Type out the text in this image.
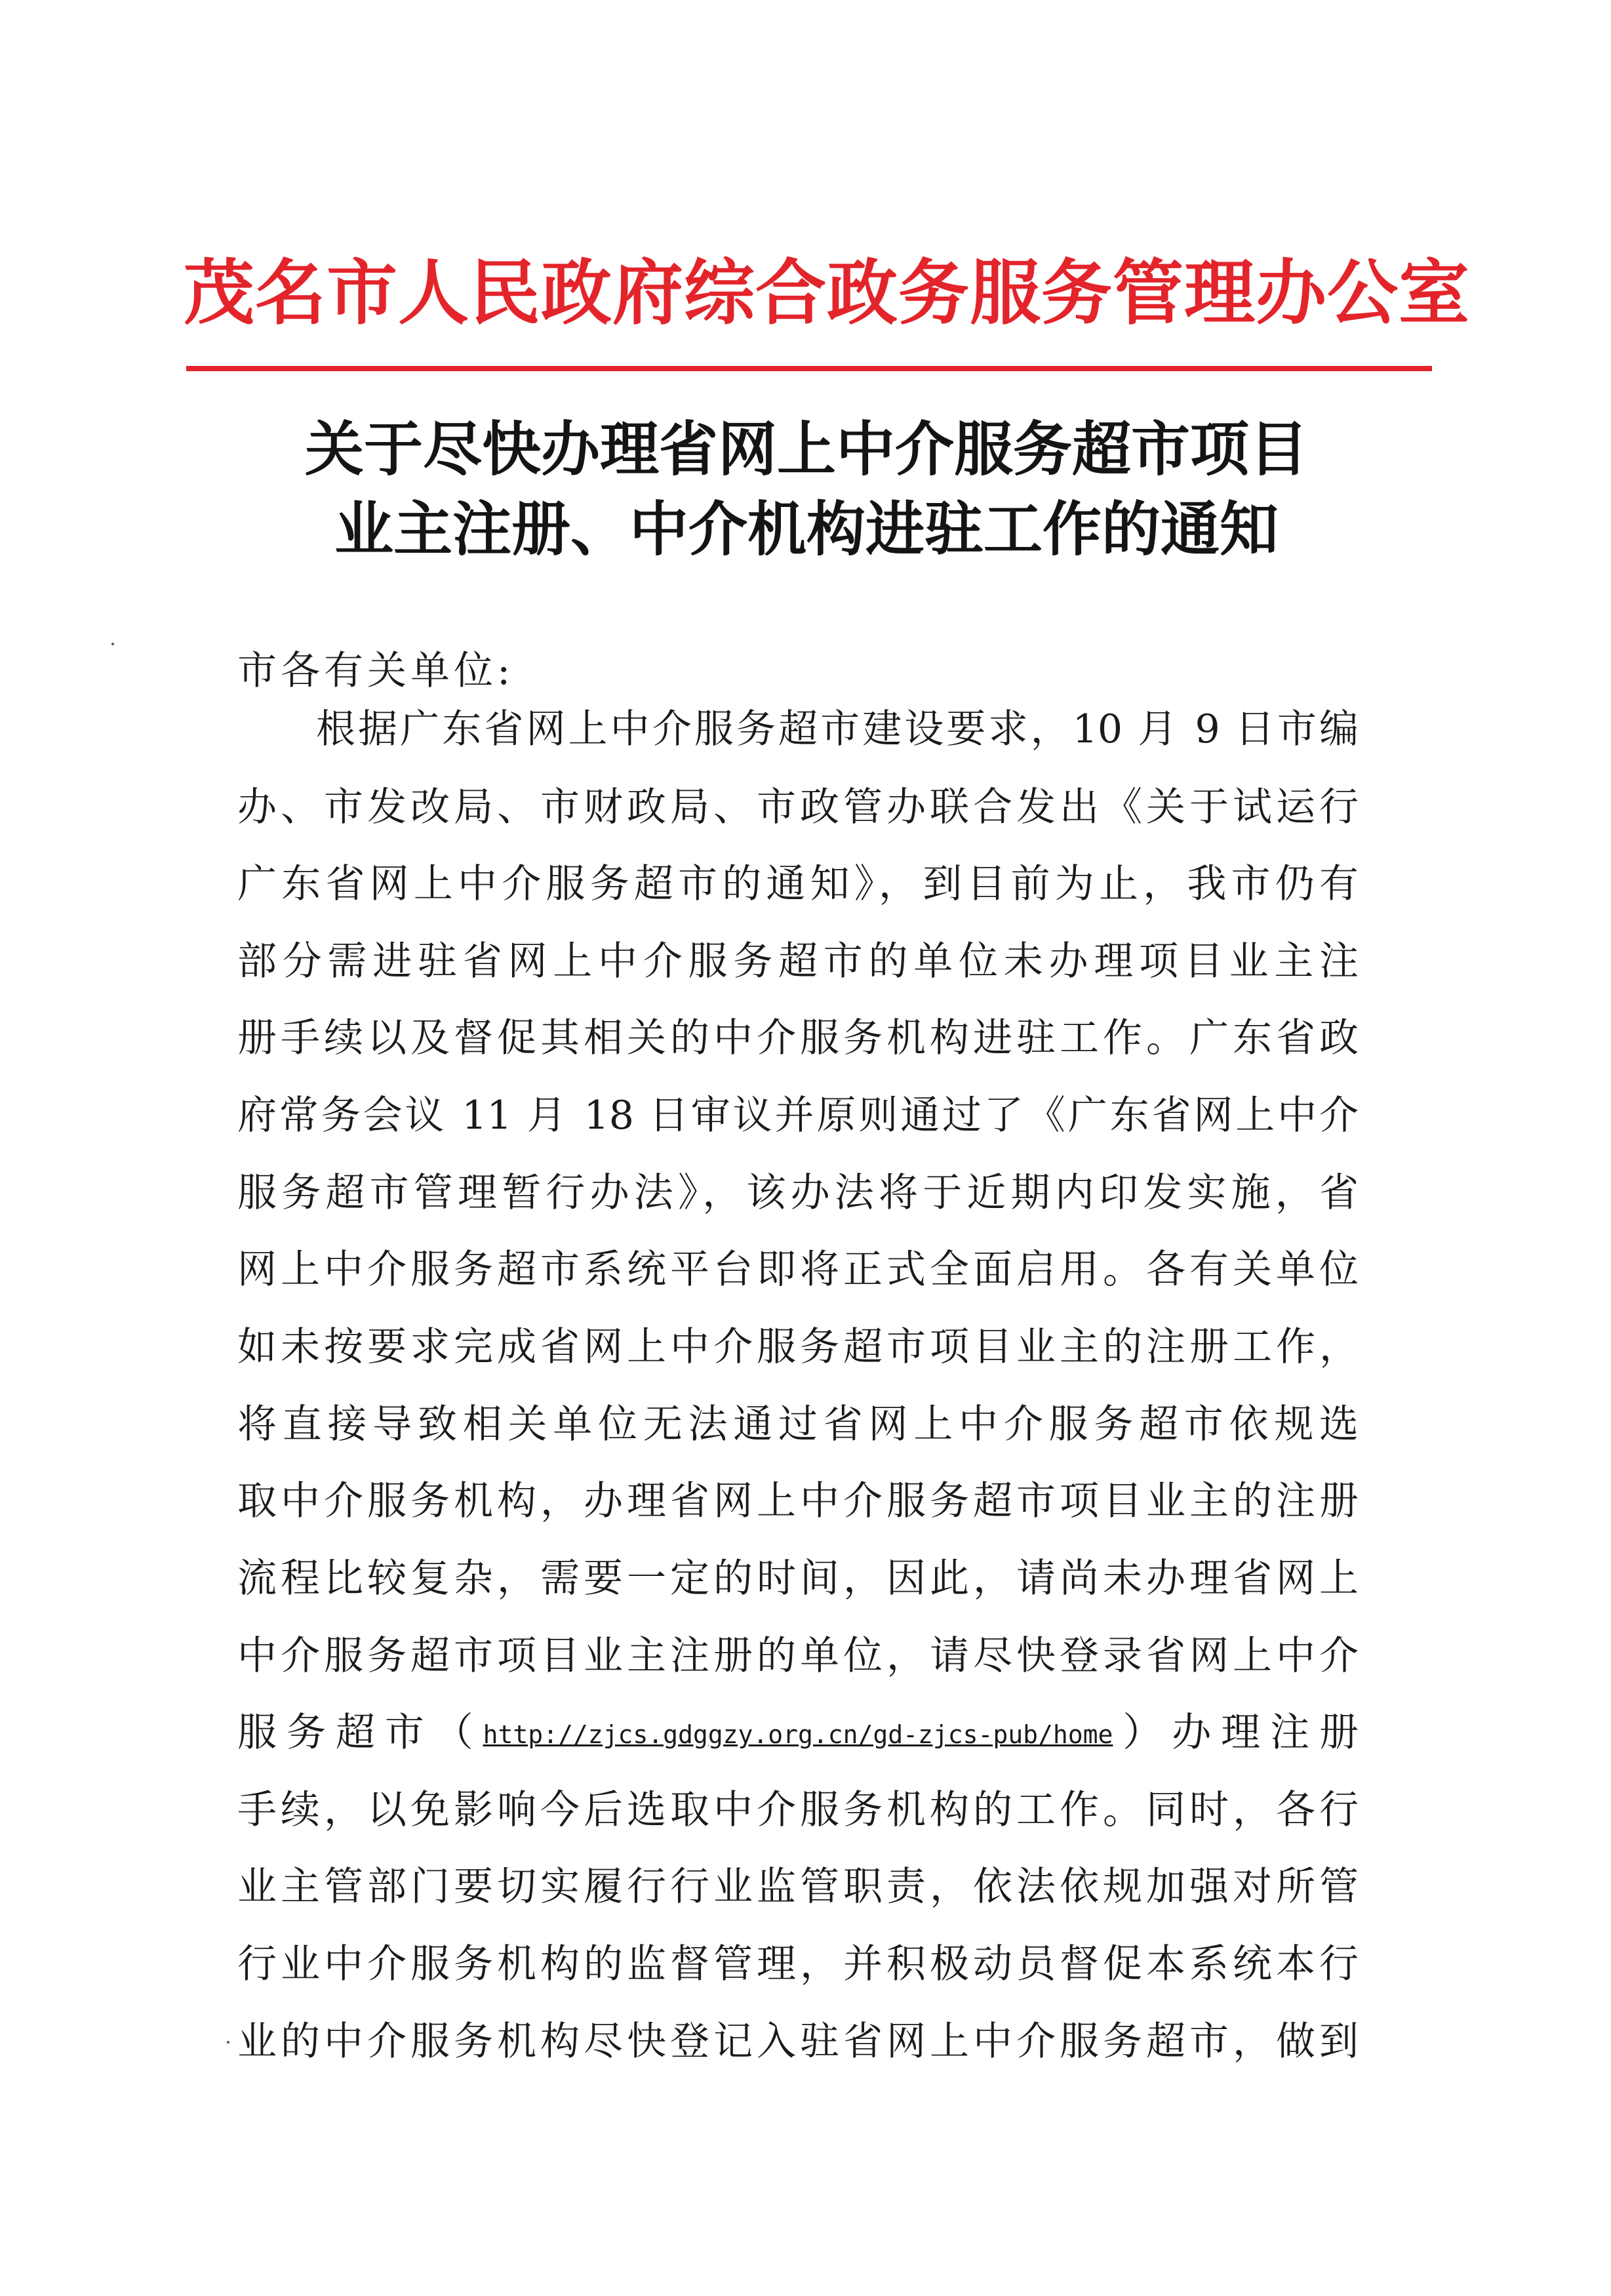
茂名市人民政府综合政务服务管理办公室
关于尽快办理省网上中介服务超市项目
业主注册、中介机构进驻工作的通知
市各有关单位:
根据广东省网上中介服务超市建设要求，10 月 9 日市编
办、市发改局、市财政局、市政管办联合发出《关于试运行
广东省网上中介服务超市的通知》，到目前为止，我市仍有
部分需进驻省网上中介服务超市的单位未办理项目业主注
册手续以及督促其相关的中介服务机构进驻工作。广东省政
府常务会议 11 月 18 日审议并原则通过了《广东省网上中介
服务超市管理暂行办法》，该办法将于近期内印发实施，省
网上中介服务超市系统平台即将正式全面启用。各有关单位
如未按要求完成省网上中介服务超市项目业主的注册工作，
将直接导致相关单位无法通过省网上中介服务超市依规选
取中介服务机构，办理省网上中介服务超市项目业主的注册
流程比较复杂，需要一定的时间，因此，请尚未办理省网上
中介服务超市项目业主注册的单位，请尽快登录省网上中介
服务超市（http://zjcs.gdggzy.org.cn/gd-zjcs-pub/home）办理注册
手续，以免影响今后选取中介服务机构的工作。同时，各行
业主管部门要切实履行行业监管职责，依法依规加强对所管
行业中介服务机构的监督管理，并积极动员督促本系统本行
业的中介服务机构尽快登记入驻省网上中介服务超市，做到
